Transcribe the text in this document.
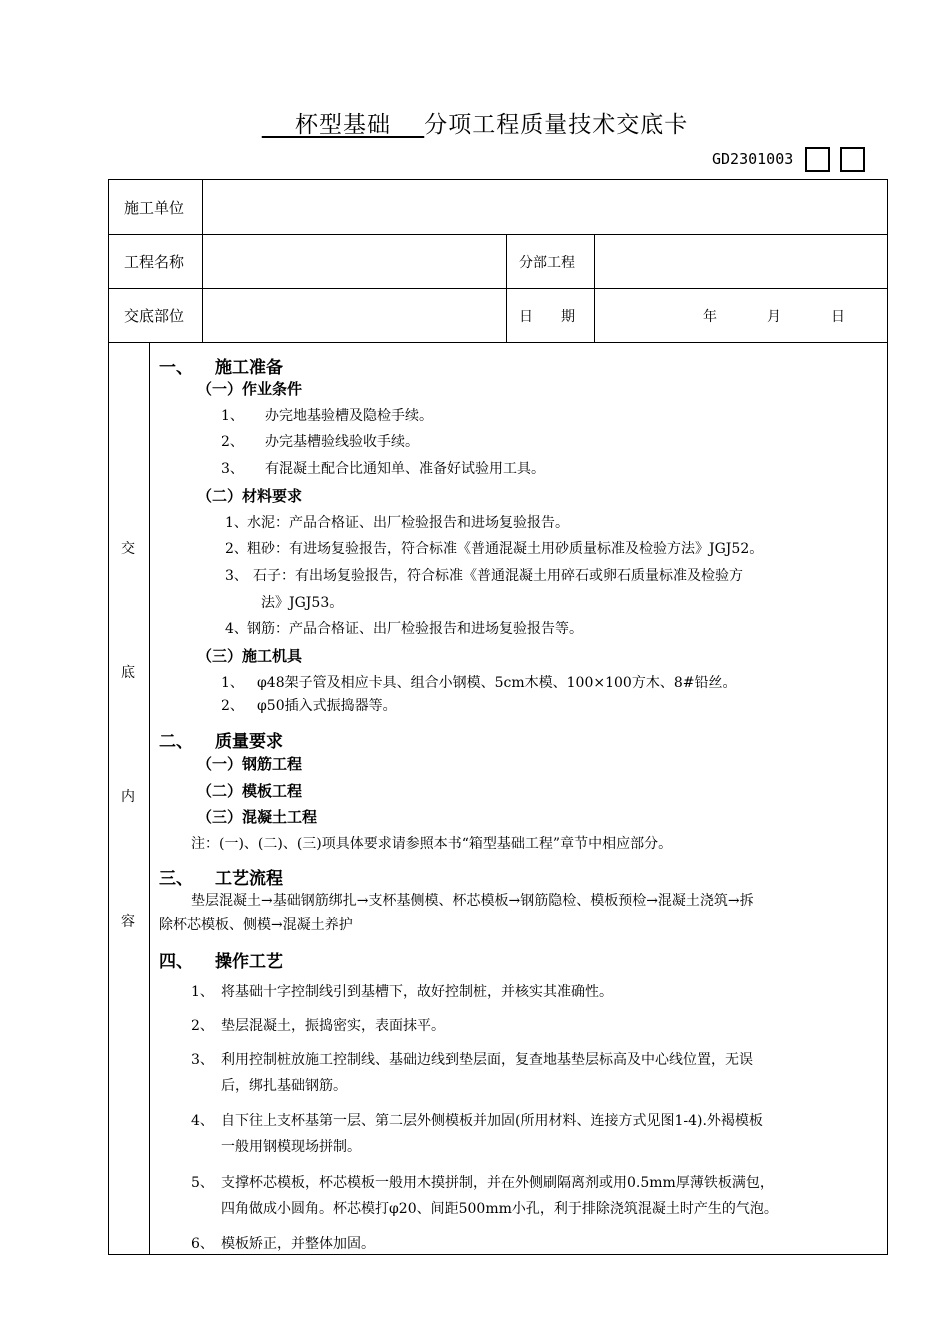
杯型基础 分项工程质量技术交底卡
GD2301003
施工单位
工程名称	分部工程
交底部位	日　　期	年	月	日
交
底
内
容
一、 施工准备
（一）作业条件
1、 办完地基验槽及隐检手续。
2、 办完基槽验线验收手续。
3、 有混凝土配合比通知单、准备好试验用工具。
（二）材料要求
1、水泥：产品合格证、出厂检验报告和进场复验报告。
2、粗砂：有进场复验报告，符合标准《普通混凝土用砂质量标准及检验方法》JGJ52。
3、 石子：有出场复验报告，符合标准《普通混凝土用碎石或卵石质量标准及检验方
法》JGJ53。
4、钢筋：产品合格证、出厂检验报告和进场复验报告等。
（三）施工机具
1、 φ48架子管及相应卡具、组合小钢模、5cm木模、100×100方木、8#铅丝。
2、 φ50插入式振捣器等。
二、 质量要求
（一）钢筋工程
（二）模板工程
（三）混凝土工程
注：(一)、(二)、(三)项具体要求请参照本书“箱型基础工程”章节中相应部分。
三、 工艺流程
垫层混凝土→基础钢筋绑扎→支杯基侧模、杯芯模板→钢筋隐检、模板预检→混凝土浇筑→拆
除杯芯模板、侧模→混凝土养护
四、 操作工艺
1、 将基础十字控制线引到基槽下，故好控制桩，并核实其准确性。
2、 垫层混凝土，振捣密实，表面抹平。
3、 利用控制桩放施工控制线、基础边线到垫层面，复查地基垫层标高及中心线位置，无误
后，绑扎基础钢筋。
4、 自下往上支杯基第一层、第二层外侧模板并加固(所用材料、连接方式见图1-4).外褐模板
一般用钢模现场拼制。
5、 支撑杯芯模板，杯芯模板一般用木摸拼制，并在外侧刷隔离剂或用0.5mm厚薄铁板满包，
四角做成小圆角。杯芯模打φ20、间距500mm小孔，利于排除浇筑混凝土时产生的气泡。
6、 模板矫正，并整体加固。
